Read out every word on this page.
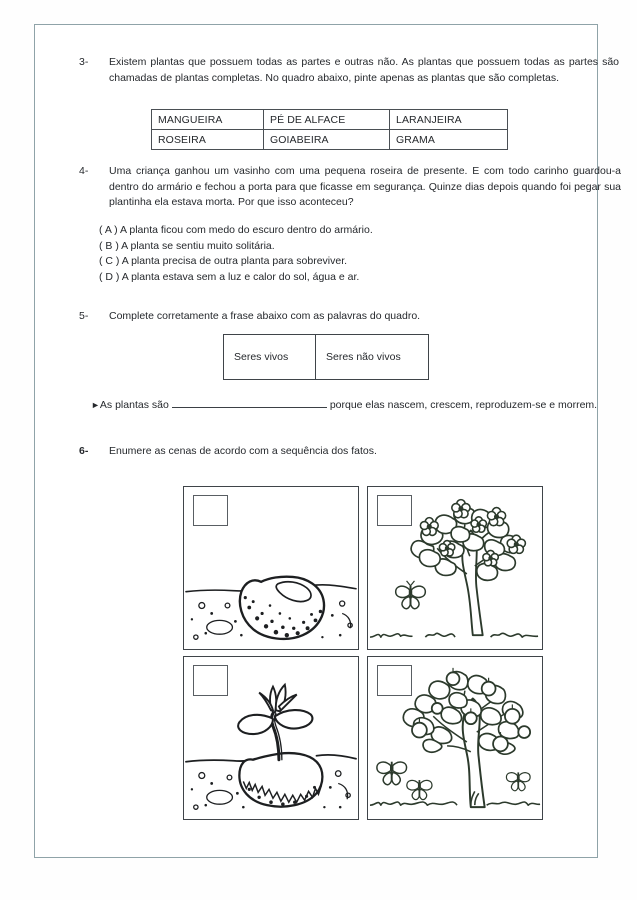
3-	Existem plantas que possuem todas as partes e outras não. As plantas que possuem todas as partes são chamadas de plantas completas. No quadro abaixo, pinte apenas as plantas que são completas.
MANGUEIRA	PÉ DE ALFACE	LARANJEIRA
ROSEIRA	GOIABEIRA	GRAMA
4-	Uma criança ganhou um vasinho com uma pequena roseira de presente. E com todo carinho guardou-a dentro do armário e fechou a porta para que ficasse em segurança. Quinze dias depois quando foi pegar sua plantinha ela estava morta. Por que isso aconteceu?
( A ) A planta ficou com medo do escuro dentro do armário.
( B ) A planta se sentiu muito solitária.
( C ) A planta precisa de outra planta para sobreviver.
( D ) A planta estava sem a luz e calor do sol, água e ar.
5-	Complete corretamente a frase abaixo com as palavras do quadro.
Seres vivos	Seres não vivos
►As plantas são	porque elas nascem, crescem, reproduzem-se e morrem.
6-	Enumere as cenas de acordo com a sequência dos fatos.
